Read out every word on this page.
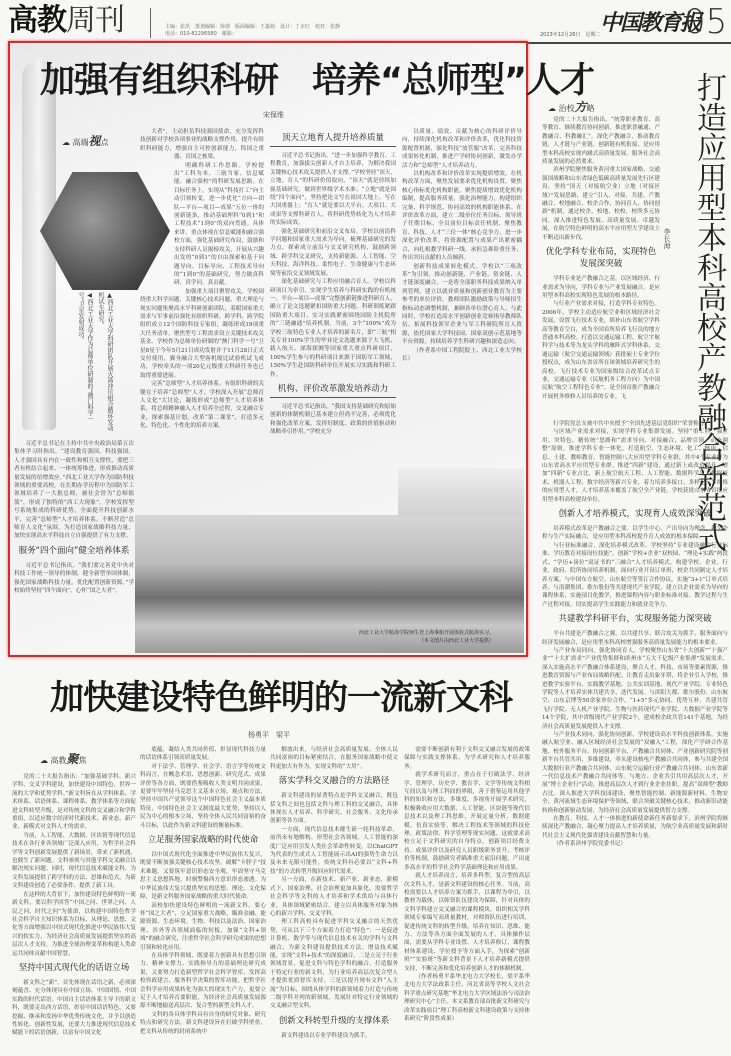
高教周刊	主编：张茁　策划编辑：徐倩　版面编辑：王嘉萌　设计：丁京红　校对：张静
电话：010-82296580　邮箱：	2023年12月26日　星期二 中国教育报
05
加强有组织科研　培养“总师型”人才
宋保维
☁ 高端视点
▲西北工业大学科研团队开展火箭冲压组合循环发动机试车研究。
◀西北工业大学作为总师单位研制的“澳门科学一号”卫星发射成功。

习近平总书记在主持中共中央政治局第五次集体学习时指出，“建设教育强国、科技强国、人才强国具有内在一致性和相互支撑性，要把三者有机结合起来、一体统筹推进，形成推动高质量发展的倍增效应。”西北工业大学作为国防科技领域的重要高校，在长期办学历程中为国防军工领域培养了一大批总师，被社会誉为“总师摇篮”，形成了独特的“西工大现象”。学校发挥型号系统集成的科研优势，全面提升科技创新水平，完善“总师型”人才培养体系，不断营造“总师育人文化”氛围，为打造国家战略科技力量、加快实现高水平科技自立自强提供了有力支撑。

服务“四个面向”健全培养体系

习近平总书记指出，“我们要完善党中央对科技工作统一领导的体制，健全新型举国体制，强化国家战略科技力量，优化配置创新资源。”学校始终坚持“四个面向”，心怀“国之大者”。

大者”，主动担负科技强国使命，充分发挥科技创新对学校各项事业的战略支撑作用，提升有组织科研能力，增强自主可控创新能力，铸国之重器、育国之栋梁。

明确科研工作思路。学校提出“工科为本、三航当家、信息赋能、融合强校”的科研发展思路。在目标任务上，实现从“科技打工”向主动引领转变，进一步优化“方向—团队—平台—项目—成果”五位一体的创新链条，推动基础理科“0到1”和工程技术“1到0”的双向贯通。具体来讲，重点体现在信息赋能和融合强校方面，强化基础研究布局，鼓励和支持科研人员揭榜攻关，开展从兴趣出发的“0到1”的自由探索和基于问题导向、目标导向、工程技术导向的“1到0”的基础研究，努力做真科研、真学问、真贡献。

加强重大项目聚智攻关。学校围绕重大科学问题、关键核心技术问题、重大理论与现实问题集聚高水平科研创新团队，着眼国家重大需求与军事前沿强化有组织科研，跨学科、跨学院组织成立12个国防科技专家组，凝练形成19项重大任务清单，聚焦型号工程需求设立关键技术攻关基金。学校作为总师单位研制的“澳门科学一号”卫星8星于今年5月21日成功发射并于11月28日正式交付使用，翼身融合大型客机缩比试验机试飞成功，学校牵头的一项20亿元级重大科研任务也已取得重要进展。

完善“总师型”人才培养体系。有组织科研的关键在于培养“总师型”人才，学校深入开展“总师育人文化”大讨论，凝练形成“总师型”人才培养体系，将总师精神融入人才培养全过程，交叉融合专业，探索强基计划，改革“第二课堂”，打造多元化、特色化、个性化的培养方案。

顶天立地育人提升培养质量

习近平总书记指出，“进一步加强科学教育、工程教育，加强拔尖创新人才自主培养，为解决我国关键核心技术攻关提供人才支撑。”学校坚持“顶天、立地、育人”的科研价值取向，“顶天”就是持续加强基础研究，做到世界级学术水准；“立地”就是围绕“四个面向”，坚持把论文写在祖国大地上、写在大国重器上；“育人”就是要以大平台、大项目、大成果等支撑科研育人，将科研优势转化为人才培养的实际成效。

强化基础研究和前沿交叉布局。学校以前沿科学问题和国家重大需求为导向，梳理基础研究的发力点，探索成立前沿与交叉研究机构，鼓励跨领域、跨学科交叉研究，支持新能源、人工智能、空天科技、海洋科技、柔性电子、生命健康与生态环境等前沿交叉领域发展。

深化基础研究与工程应用融合育人。学校以科研项目为牵引，实现学生培养与科研实践的有机统一。平台—项目—成果“完整创新链推进科研育人，确立了论文选题紧扣国防重大问题、科研训练紧跟国防重大项目、实习实践紧密围绕国防主机院所的“三链融通”培养机制。当前，3个“100%”成为学校三航特色专业人才培养的新名片，即“三航”相关专业100%学生的毕业论文选题来源于大飞机、载人航天、深海探测等国家重大重点科研项目，100%学生参与的科研项目来源于国防军工领域，150%学生赴国防科研单位开展实习实践和科研工作。

机构、评价改革激发培养动力

习近平总书记指出，“我国支持基础研究和原始创新的体制机制已基本建立但尚不完善，必须优化和强化改革方案，发挥好制度、政策的价值驱动和战略牵引作用。”学校充分

以质量、绩效、贡献为核心的科研评价导向，持续深化机构改革和评价改革，优化科技资源配置机制，强化科技“放管服”改革，完善科技成果转化机制，推进产学研协同创新，激发办学活力和“总师型”人才培养动力。

以机构改革和评价改革实现提质增效。在机构改革方面，聚焦发展要求优化机构设置，聚焦核心指标优化机构职能，聚焦提质增效优化机构编制，提高服务质量，强化治理能力，构建组织完备、科学规范、协同高效的机构职能体系。在评价改革方面，建立二级单位任务目标、领导班子任期目标、全员岗位目标责任机制，聚焦教育、科技、人才“三位一体”核心竞争力，进一步深化评价改革，将资源配置与成果产出紧密耦合，向扎根教学科研一线、承担急难险重任务、作出突出贡献的人员倾斜。

创新科技成果转化模式。学校以“三项改革”为引领，推动创新链、产业链、资金链、人才链深度融合。一是将全部职务科技成果纳入单列管理，建立以就业质量和创新创业教育为主要参考的单位评价，教师团队激励政策与导师招生指标动态调整机制，兼顾各单位潜心育人。与此同时，学校打造高水平创新创业竞赛指导教师队伍，拓展科技领军企业与军工科研院所育人资源，依托国家大学科技园、国家双创示范基地等平台资源，持续培养学生科研兴趣和深造志向。

（作者系中国工程院院士、西北工业大学校长）

西北工业大学航海学院师生登上海事船开展体验式航海实习。
（本文图片由西北工业大学提供）
加快建设特色鲜明的一流新文科
杨勇平　梁平
☁ 高教聚焦

党的二十大报告指出：“加强基础学科、新兴学科、交叉学科建设，加快建设中国特色、世界一流的大学和优势学科。”新文科旨在从学科体系、学术体系、话语体系、课程体系、教学体系等方面促进文科转型升级，是对传统文科的交叉融合和学科重组，以适应数字经济时代新技术、新业态、新产业、新模式对文科人才的需求。

当前，人工智能、大数据、区块链等现代信息技术在各行业各领域广泛深入应用，为哲学社会科学等文科创新发展提供了新场景，带来了新机遇，也催生了新问题。文科亟须与其他学科交叉融合以解决现实问题。同时，现代信息技术赋能文科，为文科发展提供了跨学科的方法、思维和范式，为新文科建设创造了必要条件、提供了新工具。

在这样的大背景下，加快建设特色鲜明的一流新文科，要以科学回答“中国之问、世界之问、人民之问、时代之问”为使命，以构建中国特色哲学社会科学自主知识体系为目标，从理论、思想、文化等方面增强以中国式现代化推进中华民族伟大复兴的软实力，为经济社会高质量发展提供坚实的高层次人才支持，为推进全球治理变革和构建人类命运共同体贡献中国智慧。

坚持中国式现代化的话语立场

新文科之“新”，首先体现在话语之新，必须深刻蕴含、充分体现具有中国立场、中国国情、中国实践的时代话语。中国自主话语体系主导下的新文科，既要走出西方话语，彰显中国话语特色，又要挖掘、继承和发扬中华优秀传统文化，并予以创造性转化、创新性发展，还要大力推进现代信息技术赋能下的话语创新，以富有中国文化

底蕴、凝结人类共同价值、彰显现代科技力量的话语体系引领高质量发展。

对于法学、管理学、社会学、语言学等传统文科而言，在概念术语、思想创新、研究范式、成果评价等各方面，既要借鉴吸收人类文明共同成果，更要牢牢坚持马克思主义基本立场、观点和方法，坚持中国共产党领导这个中国特色社会主义最本质特征、中国特色社会主义制度最大优势，坚持以人民为中心的根本立场，坚持全体人民共同富裕的奋斗目标，以此作为新文科建设的衡量标准。

立足服务国家战略的时代使命

以中国式现代化全面推进中华民族伟大复兴，既要不断加强关键核心技术攻坚，破解“卡脖子”技术难题，又要筑牢意识形态安全观，牢固坚守马克思主义思想阵地，时刻警惕西方意识形态渗透。为中华民族伟大复兴提供坚实的思想、理论、文化保障，是新文科服务国家战略的重大时代使命。

高校加快建设特色鲜明的一流新文科，要心怀“国之大者”，立足国家重大战略，瞄准金融、能源资源、生态环境、生物、科技以及法治、国家治理、涉外等各领域面临的短板，加强“文科+领域”的融合研究，注重哲学社会科学研究成果的思想引领和转化应用。

在具体学科领域，既要着力创新具有思想引领力、精神支撑力、实践指导力的基础理论研究成果，又要努力打造新型哲学社会科学智库，发挥高校咨政建言、服务科学决策的智库功能，把哲学社会科学应用成果转化为强大的现实生产力，更要立足于人才培养育要职能，为经济社会高质量发展源源不断地输送高层次、复合型的新型文科人才。

文科的各具体学科具有自身的研究对象、研究特点和研究方法，新文科建设旨在打破学科壁垒，把文科从传统的封闭系统中

解放出来，与经济社会高质量发展、全体人民共同富裕的目标紧密结合，在服务国家战略中使文科更加大有作为，实现文科的“大用”。

落实学科交叉融合的方法路径

新文科建设的显著特点是学科交叉融合，既包括文科之间也包括文科与理工科的交叉融合，具体体现在人才培养、科学研究、社会服务、文化传承创新等各方面。

一方面，现代信息技术催生新一轮科技革命，前所未有地解构、形塑社会各领域。人工智能的深度广泛应用引发人类社会革命性转变，以ChatGPT为代表的生成式人工智能展示出AI的强势生命力以及未来无限可能性，传统文科有必要以“文科+科技”的方式转型升级回应时代需求。

另一方面，在新技术、新产业、新业态、新模式下，国家治理、社会治理更加具象化，需要哲学社会科学等文科的人才培养和学术供给与具体行业、具体领域紧密结合，建立以具体服务对象为核心的新兴学科、交叉学科。

理工科高校具有促进学科交叉融合的天然优势，可从以下三个方面着力打造“特色”：一是促进计算机、数学等与现代信息技术有关的学科与文科融合，为新文科建设提供技术方法、增益技术赋能，实现“文科+技术”的深度融合。二是立足于行业领域背景，促进文科与特色学科的融合，打造服务于特定行业的新文科，为行业培养高层次复合型人才提供优质智库支持。三是以提升现有文科“入主流”为目标，围绕具体学科的新领域着力打造与传统二级学科并列的新领域，发展针对特定行业领域的交叉融合型文科。

创新文科转型升级的支撑体系

新文科建设以专业学科建设为抓手，

需要不断创新有利于文科交叉融合发展的政策保障与实践支撑体系，为学术研究和人才培养服务。

就学术研究而言，重点在于打破法学、经济学、管理学、历史学、教育学、文学等传统文科相互间以及与理工科间的界限，善于借鉴运用其他学科的知识和方法，多维度、多视角开展学术研究，积极吸收应用大数据、人工智能、区块链等现代信息技术以及理工科思维，开展定量分析、数据建模、仿真实验等，解决工程技术等领域的科技伦理、政策法律、科学管理等现实问题。这就要求高校立足于文科研究的自身特点，创新项目经费支持、成果评价以及研究人员职级职务晋升、考核评价等机制，鼓励研究者瞄准重大前沿问题，产出更多高水平的哲学社会科学基础理论和应用成果。

就人才培养而言，培养多科型、复合型的高层次文科人才，是新文科建设的核心任务。当前，高校需要以人才培养方案为抓手，以课程为牵引，以教材为载体，以师资队伍建设为保障，针对具体的文科学科建立交叉融合的课程模块，组织相关学科领域专家编写高质量教材，对师资队伍进行培训，促进传统文科的转型升级，培养在知识、思维、能力、方法等各方面全面发展的人才。具体操作层面，需要从学科专业设置、人才培养修订、课程教材体系建设、学位授予等方面入手，为探索“创新班”“实验班”等新文科背景下人才培养新模式提供支持，不断完善和优化培养创新人才的体制机制。

（作者杨勇平系华北电力大学校长，梁平系华北电力大学法政系主任、河北省高等学校人文社会科学重点研究基地“华北电力大学区域法治与司法治理研究中心”主任。本文系教育部首批新文科研究与改革实践项目“理工科高校新文科建设政策与支持体系研究”阶段性成果）

☁ 治校方略	打造应用型本科高校产教融合新范式
李长海

党的二十大报告指出，“统筹职业教育、高等教育、继续教育协同创新，推进职普融通、产教融合、科教融汇”。深化产教融合，推动教育链、人才链与产业链、创新链有机衔接，是应用型本科高校实现内涵式高质量发展、服务社会高质量发展的必然要求。

滨州学院聚焦服务黄河重大国家战略、交通强国战略和山东省绿色低碳高质量发展先行区建设，坚持“顶天（对接航空业）立地（对接区域）”发展思路，建立“引入、对接、共建、产教融合、校地融合、校企合作、协同育人、协同创新”机制，通过校企、校地、校校、校所多元协同，深入推进特色发展、高质量发展、卓越发展，在航空特色鲜明的高水平应用型大学建设上不断迈出新步伐。

优化学科专业布局，实现特色发展深突破

学科专业是产教融合之基。以区域经济、行业需求为导向，学科专业与产业发展融合，是应用型本科高校实现特色发展的根本路径。

与行业产业需求对接，打造学科专业特色。2006年，学校主动适应航空业和区域经济社会发展，设置飞行技术专业，填补山东省航空学科高等教育空白，成为全国首所培养飞行员的地方普通本科高校。打造以交通运输工程、航空宇航科学与技术等为龙头学科的雁阵式学科体系，交通运输（航空交通运输领域）获批硕士专业学位授权点，成为山东省首所在该领域培养研究生的高校。飞行技术专业为国家级综合改革试点专业，交通运输专业（民航机务工程方向）为中国民航“航空工程特色专业”，是全国首批产教融合开展机务维修人员培养的专业。飞

行学院党总支被中共中央授予“全国先进基层党组织”荣誉称号。

与区域产业需求对接，实现学科专业集群发展。坚持“重工科、强应用、突特色、精传统”思路和“需求导向、对接融合、品牌引领、动态调整”原则，推进学科专业一体化，打造航空、生态环境、化工、核电、信息、土建、教师教育、智能控制八大应用型学科专业群，其中4个专业群为山东省高水平应用型专业群。推进“四新”建设，通过新上或改造提升，增加“四新”专业占比，新上航空航天工程、人工智能、数据科学与大数据技术、机器人工程、数字经济等新兴专业，着力培养多接口、多样化、多规格的应用型人才，人才培养基本覆盖了航空全产业链。学校获批山东省首批应用型本科高校建设单位。

创新人才培养模式，实现育人成效深突破

培养模式改革是产教融合之要。以学生中心、产出导向为理念，教学全程与生产实际融合，是应用型本科高校提升育人成效的根本保障。

与行业标准融合，深化培养模式改革。学校坚持“专业建设融合行业标准、学历教育对接岗位技能”，创新“学校+企业”双校园、“理论+实践”两段式、“学历+岗位”双证书的“三融合”人才培养模式。构建学校、企业、行业、政府、院所协同培养机制，面向行业开设订单班，校企共同制定人才培养方案。与中国东方航空、山东航空等签订合作协议，实施“3+1”订单式培养。与浪潮集团、歌尔股份等共建现代产业学院，建立以企业需求为导向的课程体系，实施项目化教学，推进课程内容与职业标准对接、教学过程与生产过程对接，切实提高学生实践能力和就业竞争力。

共建教学科研平台，实现服务能力深突破

平台共建是产教融合之翼。以共建共享、联合攻关为抓手，服务面向与经济发展融合，是应用型本科高校增强服务高质量发展能力的根本要求。

与产业布局同向，强化协同育人。学校聚焦山东省“十大创新”“十强产业”“十大扩需求”产业优势集群和滨州市“五大千亿级产业集群”发展需求，深入实施高水平产教融合体系建设，聚合人才、科技、市场等要素资源，推进教育资源与产业布局战略匹配。让教育走出象牙塔，将企业引入学校，推进教学实验平台、实践教学基地、公共实训基地、现代产业学院、专业特色学院等人才培养实体共建共享、迭代发展。与滨阳大都、歌尔股份、山东航空、山东京博等50余家单位合作，“1+5”多元协同、优势互补，共建共管飞行学院、无人机产业学院、生物与医药现代产业学院、大数据产业学院等14个学院，其中省级现代产业学院2个，建成校企政共管141个基地，为经济社会高质量发展提供人才支撑。

与产业技术同向，强化协同创新。学校建设高水平科技创新体系，实施融入航空业、融入区域经济社会发展的“双融入”工程，深化产学研合作基地、校外服务平台、协同创新平台、产教融合共同体、产业创新研究院等创新平台共管共用，多维建设，牵头建设核电产教融合共同体，参与共建全国大数据行业产教融合共同体、山东航空运输行业产教融合共同体、山东省新一代信息技术产教融合共同体等。与地方、企业共引共用高层次人才，开展“博士企业行”活动，推进高层次人才到行业企业挂职，提高“双师型”教师占比。深入推进大学科技园建设，聚焦智能控制、新能源新材料、生物安全、黄河流域生态环境保护等领域，联合突破关键核心技术，推动新旧动能转换和创新驱动发展，为经济社会高质量发展提供智力支撑。

在教育、科技、人才一体推进的新使命新任务新要求下，滨州学院将继续深化产教融合，凝心聚力提高人才培养质量，为航空业高质量发展和新时代社会主义现代化强省建设贡献智慧和力量。

（作者系滨州学院党委书记）
